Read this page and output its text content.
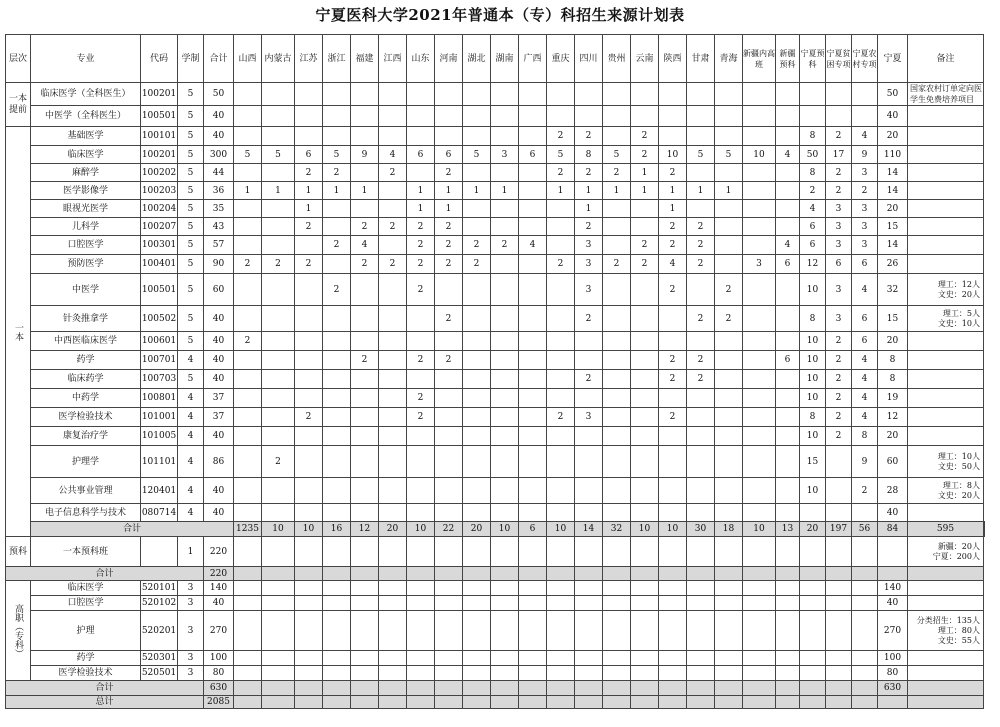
宁夏医科大学2021年普通本（专）科招生来源计划表
层次	专业	代码	学制	合计	山西	内蒙古	江苏	浙江	福建	江西	山东	河南	湖北	湖南	广西	重庆	四川	贵州	云南	陕西	甘肃	青海	新疆内高班	新疆预科	宁夏预科	宁夏贫困专项	宁夏农村专项	宁夏	备注	
一本提前	临床医学（全科医生）	100201	5	50																								50	国家农村订单定向医学生免费培养项目	
	中医学（全科医生）	100501	5	40																								40		
一本	基础医学	100101	5	40												2	2		2						8	2	4	20		
	临床医学	100201	5	300	5	5	6	5	9	4	6	6	5	3	6	5	8	5	2	10	5	5	10	4	50	17	9	110		
	麻醉学	100202	5	44			2	2		2		2				2	2	2	1	2					8	2	3	14		
	医学影像学	100203	5	36	1	1	1	1	1		1	1	1	1		1	1	1	1	1	1	1			2	2	2	14		
	眼视光医学	100204	5	35			1				1	1					1			1					4	3	3	20		
	儿科学	100207	5	43			2		2	2	2	2					2			2	2				6	3	3	15		
	口腔医学	100301	5	57				2	4		2	2	2	2	4		3		2	2	2			4	6	3	3	14		
	预防医学	100401	5	90	2	2	2		2	2	2	2	2			2	3	2	2	4	2		3	6	12	6	6	26		
	中医学	100501	5	60				2			2						3			2		2			10	3	4	32	理工：12人
文史：20人	
	针灸推拿学	100502	5	40								2					2				2	2			8	3	6	15	理工：5人
文史：10人	
	中西医临床医学	100601	5	40	2																				10	2	6	20		
	药学	100701	4	40					2		2	2								2	2			6	10	2	4	8		
	临床药学	100703	5	40													2			2	2				10	2	4	8		
	中药学	100801	4	37							2														10	2	4	19		
	医学检验技术	101001	4	37			2				2					2	3			2					8	2	4	12		
	康复治疗学	101005	4	40																					10	2	8	20		
	护理学	101101	4	86		2																			15		9	60	理工：10人
文史：50人	
	公共事业管理	120401	4	40																					10		2	28	理工：8人
文史：20人	
	电子信息科学与技术	080714	4	40																								40		
	合计				1235	10	10	16	12	20	10	22	20	10	6	10	14	32	10	10	30	18	10	13	20	197	56	84	595	
预科	一本预科班		1	220																									新疆：20人
宁夏：200人	
合计				220																										
高职（专科）	临床医学	520101	3	140																								140		
	口腔医学	520102	3	40																								40		
	护理	520201	3	270																								270	分类招生：135人
理工：80人
文史：55人	
	药学	520301	3	100																								100		
	医学检验技术	520501	3	80																								80		
合计				630																								630		
总计				2085																										
